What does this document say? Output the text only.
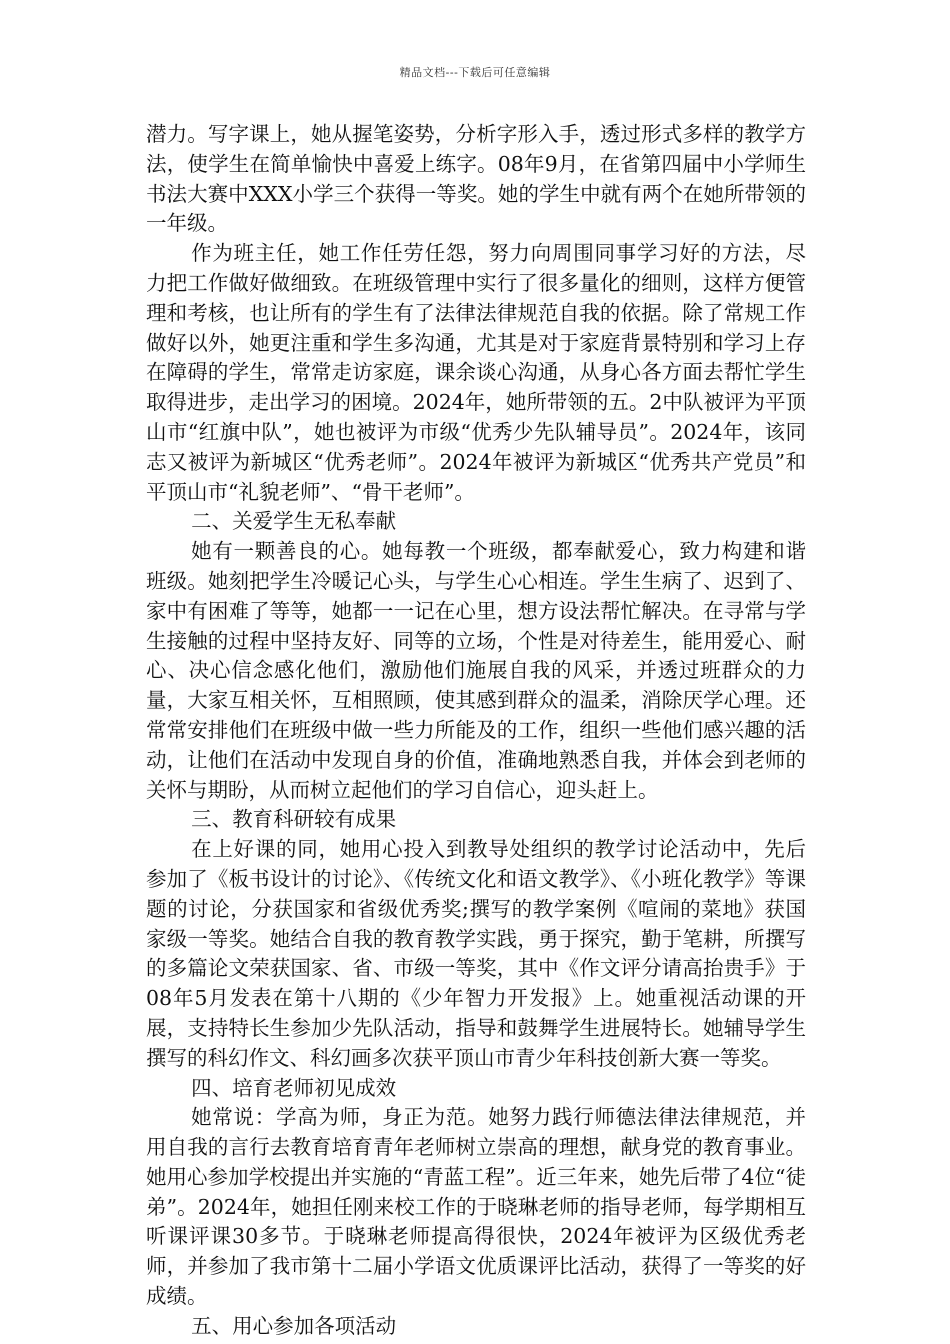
精品文档---下载后可任意编辑

潜力。写字课上，她从握笔姿势，分析字形入手，透过形式多样的教学方法，使学生在简单愉快中喜爱上练字。08年9月，在省第四届中小学师生书法大赛中XXX小学三个获得一等奖。她的学生中就有两个在她所带领的一年级。

作为班主任，她工作任劳任怨，努力向周围同事学习好的方法，尽力把工作做好做细致。在班级管理中实行了很多量化的细则，这样方便管理和考核，也让所有的学生有了法律法律规范自我的依据。除了常规工作做好以外，她更注重和学生多沟通，尤其是对于家庭背景特别和学习上存在障碍的学生，常常走访家庭，课余谈心沟通，从身心各方面去帮忙学生取得进步，走出学习的困境。2024年，她所带领的五。2中队被评为平顶山市“红旗中队”，她也被评为市级“优秀少先队辅导员”。2024年，该同志又被评为新城区“优秀老师”。2024年被评为新城区“优秀共产党员”和平顶山市“礼貌老师”、“骨干老师”。

二、关爱学生无私奉献

她有一颗善良的心。她每教一个班级，都奉献爱心，致力构建和谐班级。她刻把学生冷暖记心头，与学生心心相连。学生生病了、迟到了、家中有困难了等等，她都一一记在心里，想方设法帮忙解决。在寻常与学生接触的过程中坚持友好、同等的立场，个性是对待差生，能用爱心、耐心、决心信念感化他们，激励他们施展自我的风采，并透过班群众的力量，大家互相关怀，互相照顾，使其感到群众的温柔，消除厌学心理。还常常安排他们在班级中做一些力所能及的工作，组织一些他们感兴趣的活动，让他们在活动中发现自身的价值，准确地熟悉自我，并体会到老师的关怀与期盼，从而树立起他们的学习自信心，迎头赶上。

三、教育科研较有成果

在上好课的同，她用心投入到教导处组织的教学讨论活动中，先后参加了《板书设计的讨论》、《传统文化和语文教学》、《小班化教学》等课题的讨论，分获国家和省级优秀奖;撰写的教学案例《喧闹的菜地》获国家级一等奖。她结合自我的教育教学实践，勇于探究，勤于笔耕，所撰写的多篇论文荣获国家、省、市级一等奖，其中《作文评分请高抬贵手》于08年5月发表在第十八期的《少年智力开发报》上。她重视活动课的开展，支持特长生参加少先队活动，指导和鼓舞学生进展特长。她辅导学生撰写的科幻作文、科幻画多次获平顶山市青少年科技创新大赛一等奖。

四、培育老师初见成效

她常说：学高为师，身正为范。她努力践行师德法律法律规范，并用自我的言行去教育培育青年老师树立崇高的理想，献身党的教育事业。她用心参加学校提出并实施的“青蓝工程”。近三年来，她先后带了4位“徒弟”。2024年，她担任刚来校工作的于晓琳老师的指导老师，每学期相互听课评课30多节。于晓琳老师提高得很快，2024年被评为区级优秀老师，并参加了我市第十二届小学语文优质课评比活动，获得了一等奖的好成绩。

五、用心参加各项活动
